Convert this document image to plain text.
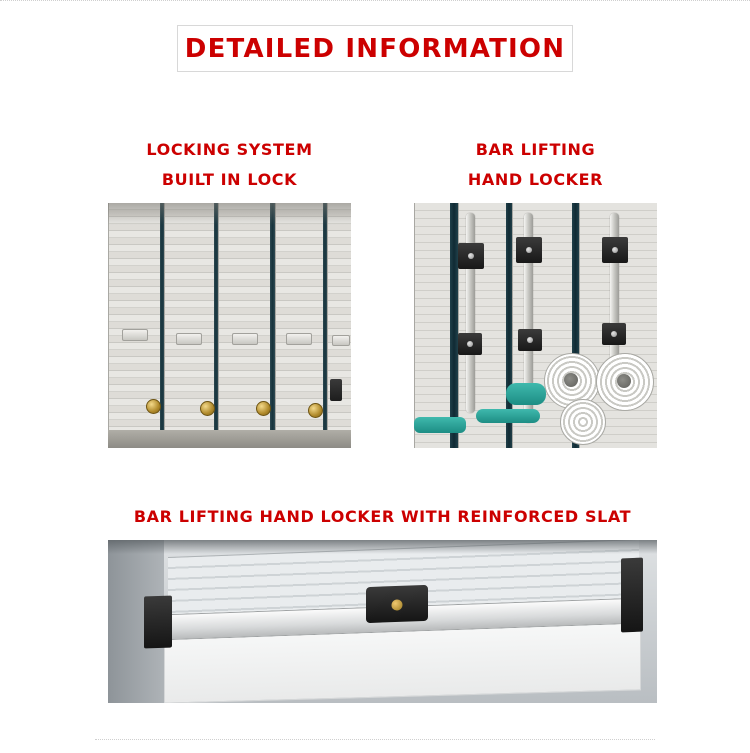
DETAILED INFORMATION
LOCKING SYSTEM
BUILT IN LOCK
BAR LIFTING
HAND LOCKER
BAR LIFTING HAND LOCKER WITH REINFORCED SLAT
